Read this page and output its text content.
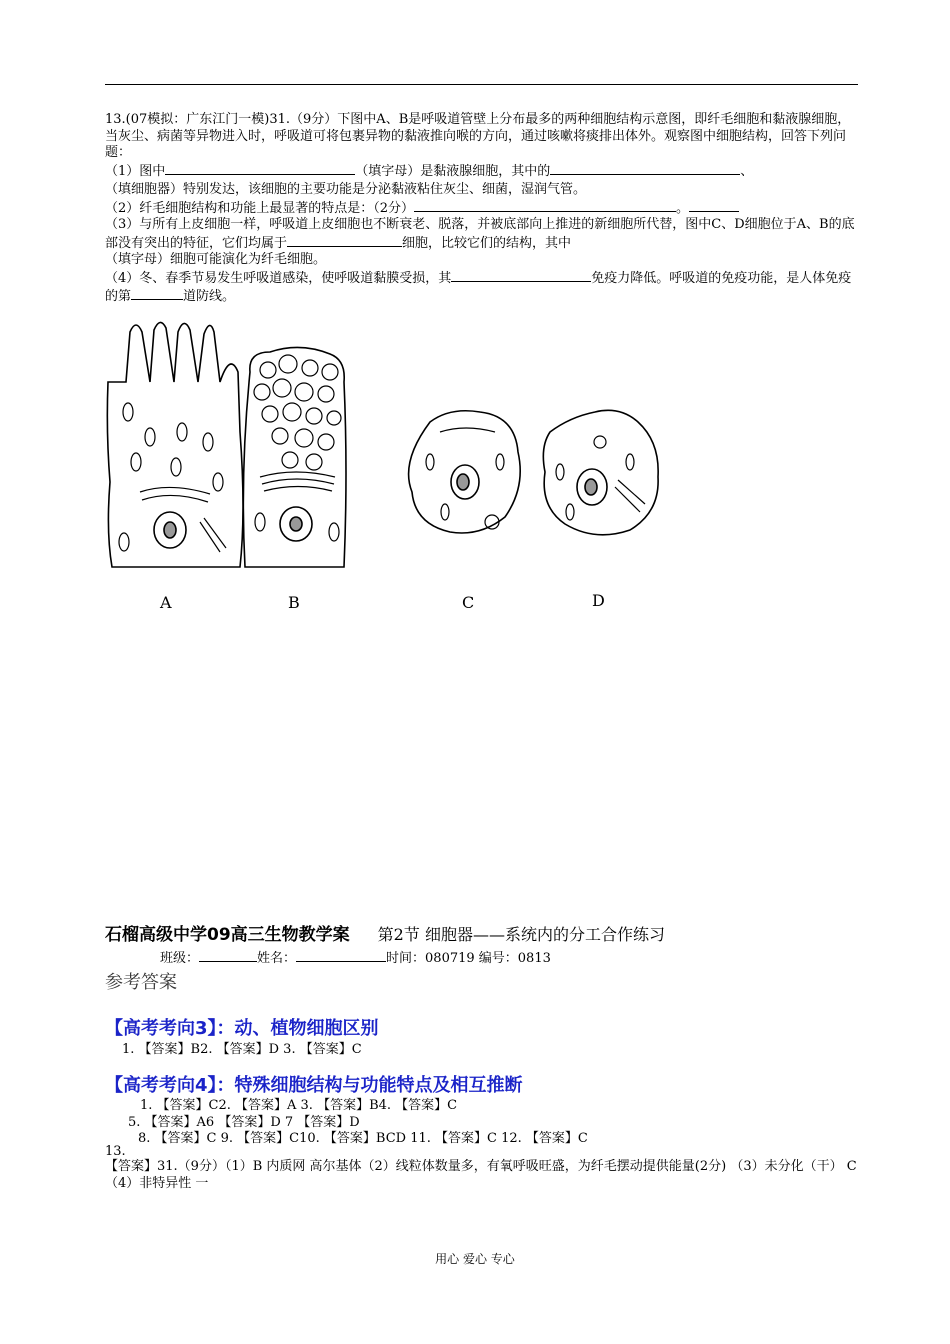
13.(07模拟：广东江门一模)31.（9分）下图中A、B是呼吸道管壁上分布最多的两种细胞结构示意图，即纤毛细胞和黏液腺细胞，当灰尘、病菌等异物进入时，呼吸道可将包裹异物的黏液推向喉的方向，通过咳嗽将痰排出体外。观察图中细胞结构，回答下列问题：

（1）图中	（填字母）是黏液腺细胞，其中的	、

（填细胞器）特别发达，该细胞的主要功能是分泌黏液粘住灰尘、细菌，湿润气管。

（2）纤毛细胞结构和功能上最显著的特点是：（2分）	。

（3）与所有上皮细胞一样，呼吸道上皮细胞也不断衰老、脱落，并被底部向上推进的新细胞所代替，图中C、D细胞位于A、B的底部没有突出的特征，它们均属于	细胞，比较它们的结构，其中

（填字母）细胞可能演化为纤毛细胞。

（4）冬、春季节易发生呼吸道感染，使呼吸道黏膜受损，其	免疫力降低。呼吸道的免疫功能，是人体免疫的第	道防线。

A	B	C	D
石榴高级中学09高三生物教学案 第2节 细胞器——系统内的分工合作练习
班级：	姓名：	时间：080719 编号：0813
参考答案
【高考考向3】：动、植物细胞区别
1. 【答案】B2. 【答案】D 3. 【答案】C
【高考考向4】：特殊细胞结构与功能特点及相互推断
1. 【答案】C2. 【答案】A 3. 【答案】B4. 【答案】C
5. 【答案】A6 【答案】D 7 【答案】D
8. 【答案】C 9. 【答案】C10. 【答案】BCD 11. 【答案】C 12. 【答案】C
13.
【答案】31.（9分）（1）B 内质网 高尔基体（2）线粒体数量多，有氧呼吸旺盛，为纤毛摆动提供能量(2分) （3）未分化（干） C （4）非特异性 一
用心 爱心 专心
